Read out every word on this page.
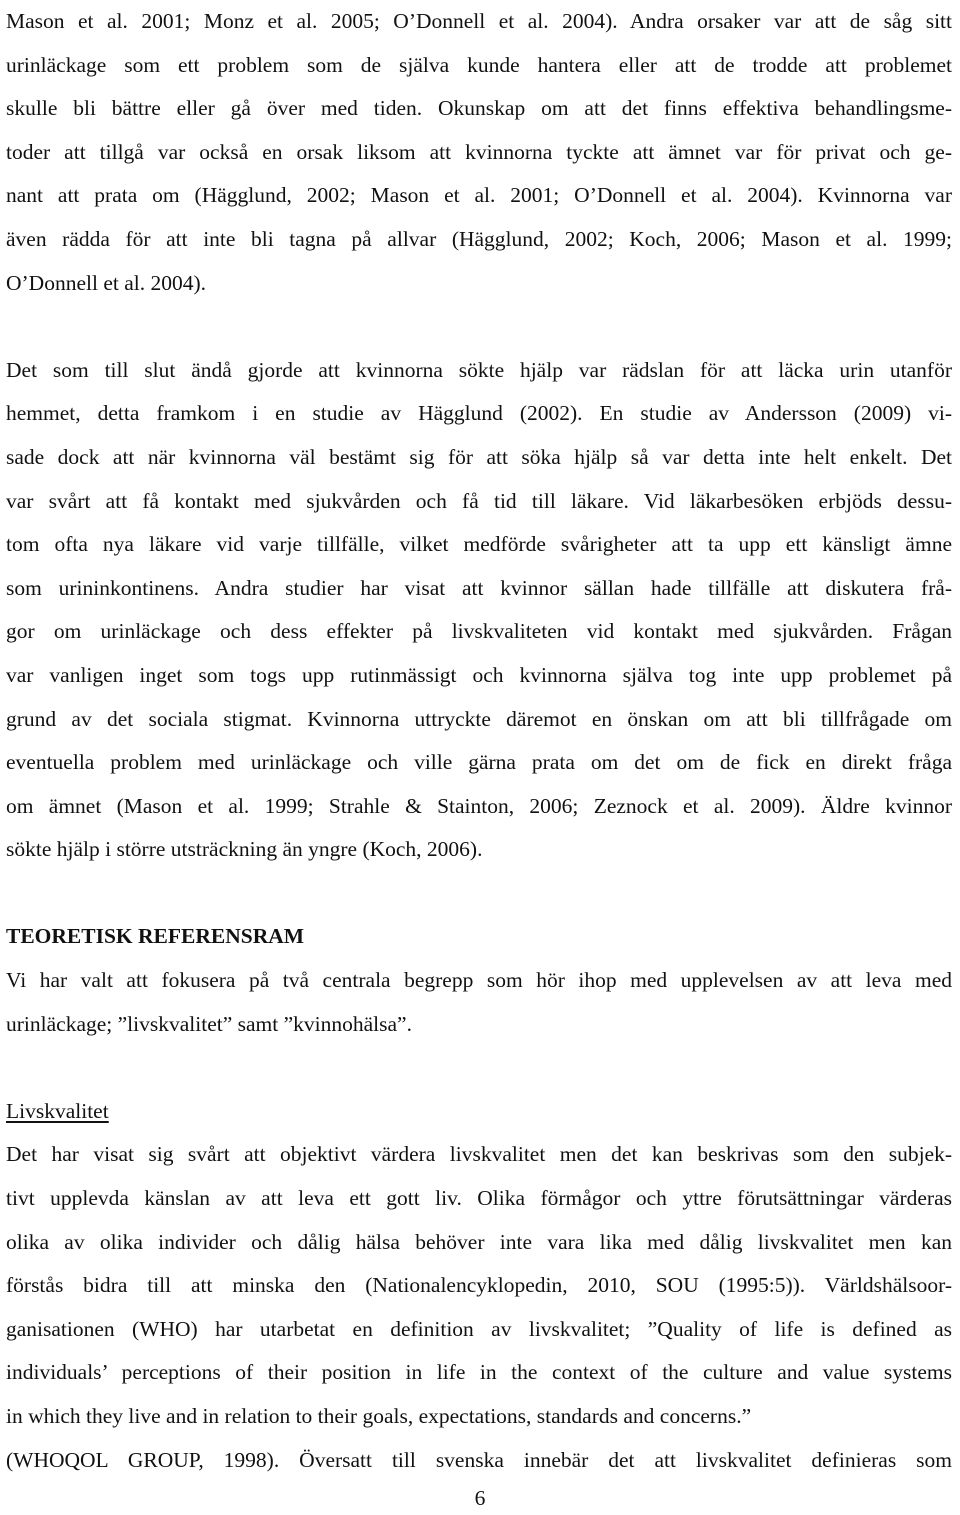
Mason et al. 2001; Monz et al. 2005; O’Donnell et al. 2004). Andra orsaker var att de såg sitt
urinläckage som ett problem som de själva kunde hantera eller att de trodde att problemet
skulle bli bättre eller gå över med tiden. Okunskap om att det finns effektiva behandlingsme-
toder att tillgå var också en orsak liksom att kvinnorna tyckte att ämnet var för privat och ge-
nant att prata om (Hägglund, 2002; Mason et al. 2001; O’Donnell et al. 2004). Kvinnorna var
även rädda för att inte bli tagna på allvar (Hägglund, 2002; Koch, 2006; Mason et al. 1999;
O’Donnell et al. 2004).

Det som till slut ändå gjorde att kvinnorna sökte hjälp var rädslan för att läcka urin utanför
hemmet, detta framkom i en studie av Hägglund (2002). En studie av Andersson (2009) vi-
sade dock att när kvinnorna väl bestämt sig för att söka hjälp så var detta inte helt enkelt. Det
var svårt att få kontakt med sjukvården och få tid till läkare. Vid läkarbesöken erbjöds dessu-
tom ofta nya läkare vid varje tillfälle, vilket medförde svårigheter att ta upp ett känsligt ämne
som urininkontinens. Andra studier har visat att kvinnor sällan hade tillfälle att diskutera frå-
gor om urinläckage och dess effekter på livskvaliteten vid kontakt med sjukvården. Frågan
var vanligen inget som togs upp rutinmässigt och kvinnorna själva tog inte upp problemet på
grund av det sociala stigmat. Kvinnorna uttryckte däremot en önskan om att bli tillfrågade om
eventuella problem med urinläckage och ville gärna prata om det om de fick en direkt fråga
om ämnet (Mason et al. 1999; Strahle & Stainton, 2006; Zeznock et al. 2009). Äldre kvinnor
sökte hjälp i större utsträckning än yngre (Koch, 2006).

TEORETISK REFERENSRAM

Vi har valt att fokusera på två centrala begrepp som hör ihop med upplevelsen av att leva med
urinläckage; ”livskvalitet” samt ”kvinnohälsa”.

Livskvalitet

Det har visat sig svårt att objektivt värdera livskvalitet men det kan beskrivas som den subjek-
tivt upplevda känslan av att leva ett gott liv. Olika förmågor och yttre förutsättningar värderas
olika av olika individer och dålig hälsa behöver inte vara lika med dålig livskvalitet men kan
förstås bidra till att minska den (Nationalencyklopedin, 2010, SOU (1995:5)). Världshälsoor-
ganisationen (WHO) har utarbetat en definition av livskvalitet; ”Quality of life is defined as
individuals’ perceptions of their position in life in the context of the culture and value systems
in which they live and in relation to their goals, expectations, standards and concerns.”
(WHOQOL GROUP, 1998). Översatt till svenska innebär det att livskvalitet definieras som

6
